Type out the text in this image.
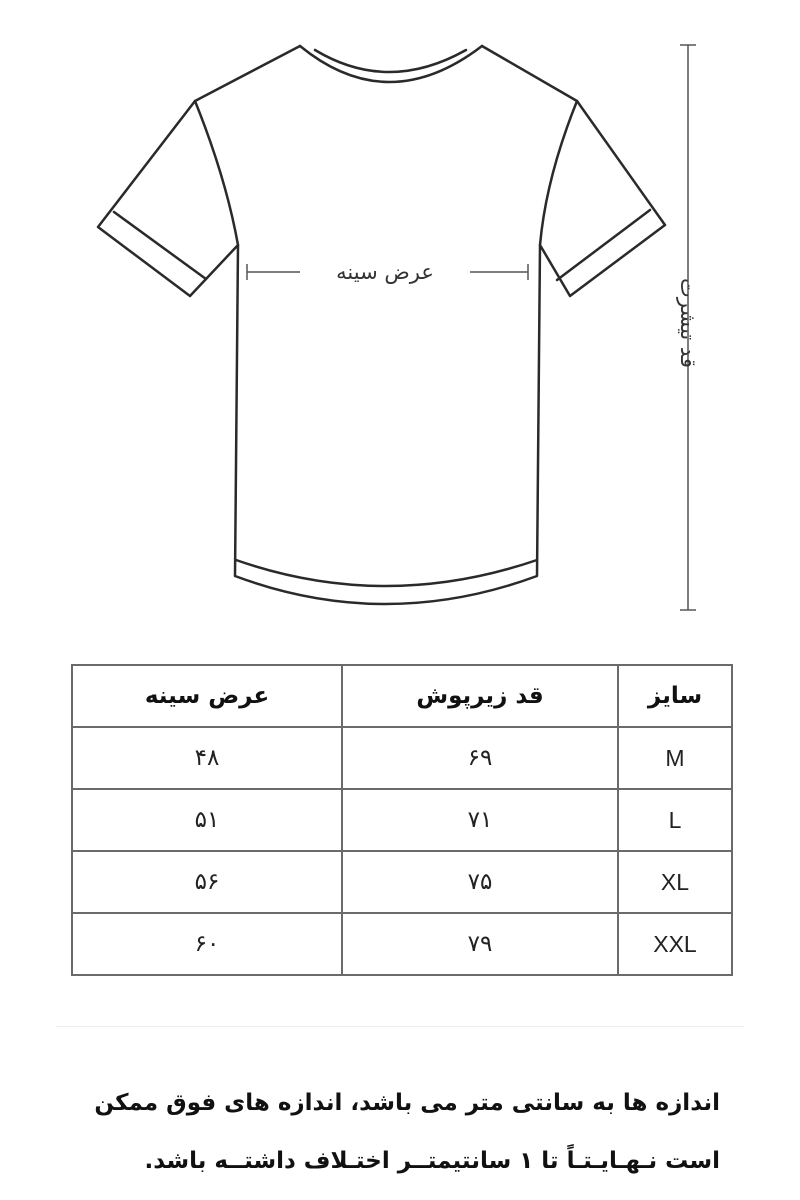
عرض سینه
قد تیشرت
سایز	قد زیرپوش	عرض سینه
M	۶۹	۴۸
L	۷۱	۵۱
XL	۷۵	۵۶
XXL	۷۹	۶۰
اندازه ها به سانتی متر می باشد، اندازه های فوق ممکن
است نـهـایـتـاً تا ۱ سانتیمتــر اختـلاف داشتــه باشد.
